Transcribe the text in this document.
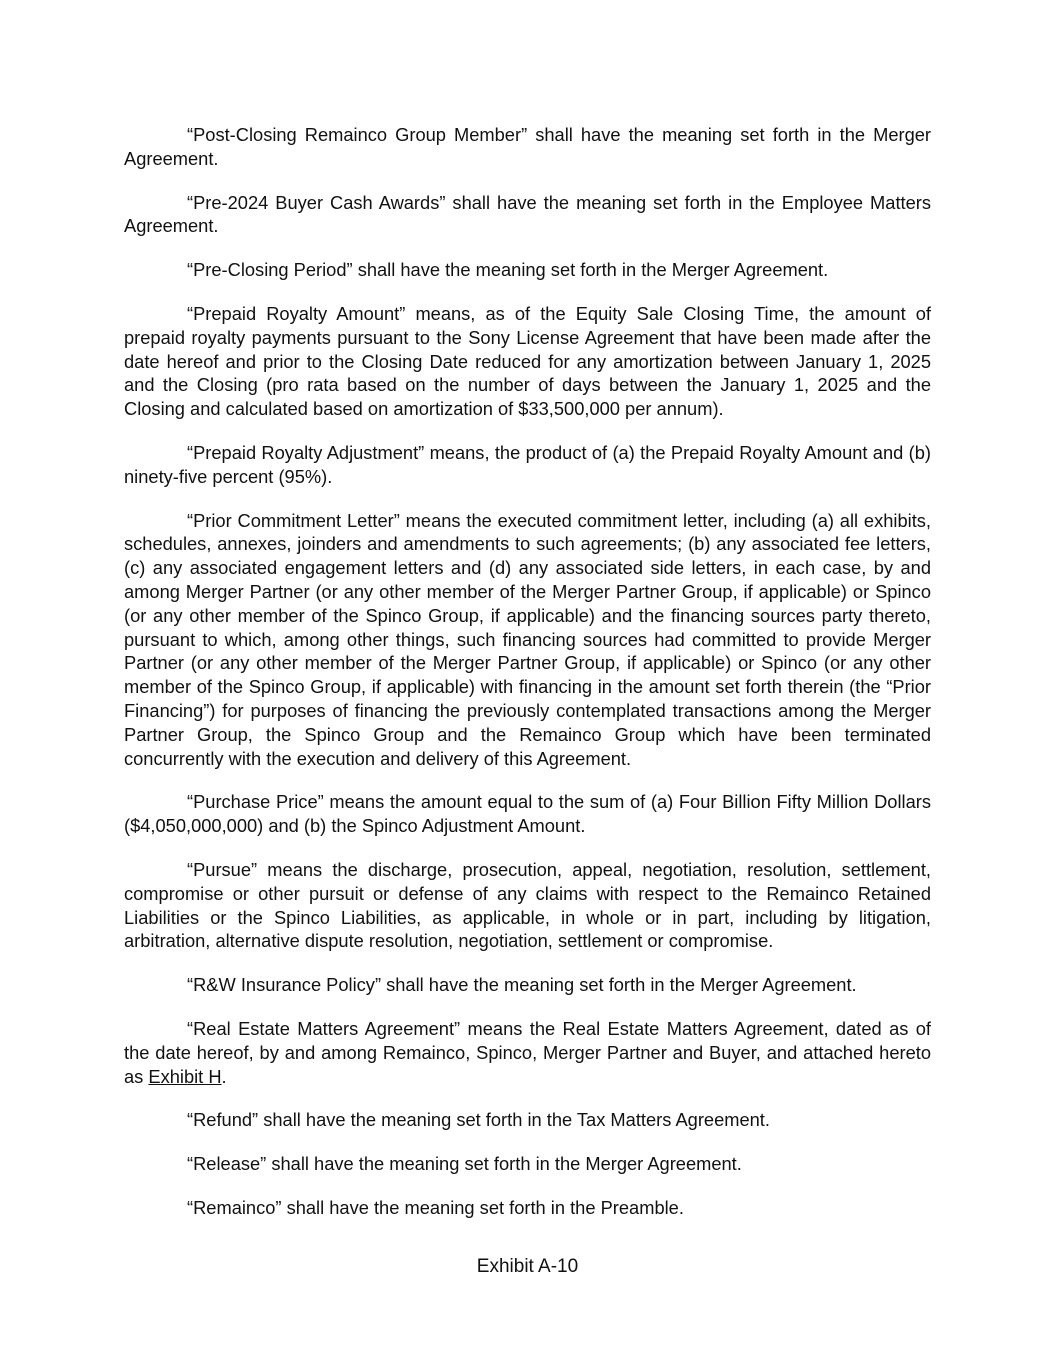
“Post-Closing Remainco Group Member” shall have the meaning set forth in the Merger Agreement.

“Pre-2024 Buyer Cash Awards” shall have the meaning set forth in the Employee Matters Agreement.

“Pre-Closing Period” shall have the meaning set forth in the Merger Agreement.

“Prepaid Royalty Amount” means, as of the Equity Sale Closing Time, the amount of prepaid royalty payments pursuant to the Sony License Agreement that have been made after the date hereof and prior to the Closing Date reduced for any amortization between January 1, 2025 and the Closing (pro rata based on the number of days between the January 1, 2025 and the Closing and calculated based on amortization of $33,500,000 per annum).

“Prepaid Royalty Adjustment” means, the product of (a) the Prepaid Royalty Amount and (b) ninety-five percent (95%).

“Prior Commitment Letter” means the executed commitment letter, including (a) all exhibits, schedules, annexes, joinders and amendments to such agreements; (b) any associated fee letters, (c) any associated engagement letters and (d) any associated side letters, in each case, by and among Merger Partner (or any other member of the Merger Partner Group, if applicable) or Spinco (or any other member of the Spinco Group, if applicable) and the financing sources party thereto, pursuant to which, among other things, such financing sources had committed to provide Merger Partner (or any other member of the Merger Partner Group, if applicable) or Spinco (or any other member of the Spinco Group, if applicable) with financing in the amount set forth therein (the “Prior Financing”) for purposes of financing the previously contemplated transactions among the Merger Partner Group, the Spinco Group and the Remainco Group which have been terminated concurrently with the execution and delivery of this Agreement.

“Purchase Price” means the amount equal to the sum of (a) Four Billion Fifty Million Dollars ($4,050,000,000) and (b) the Spinco Adjustment Amount.

“Pursue” means the discharge, prosecution, appeal, negotiation, resolution, settlement, compromise or other pursuit or defense of any claims with respect to the Remainco Retained Liabilities or the Spinco Liabilities, as applicable, in whole or in part, including by litigation, arbitration, alternative dispute resolution, negotiation, settlement or compromise.

“R&W Insurance Policy” shall have the meaning set forth in the Merger Agreement.

“Real Estate Matters Agreement” means the Real Estate Matters Agreement, dated as of the date hereof, by and among Remainco, Spinco, Merger Partner and Buyer, and attached hereto as Exhibit H.

“Refund” shall have the meaning set forth in the Tax Matters Agreement.

“Release” shall have the meaning set forth in the Merger Agreement.

“Remainco” shall have the meaning set forth in the Preamble.

Exhibit A-10
